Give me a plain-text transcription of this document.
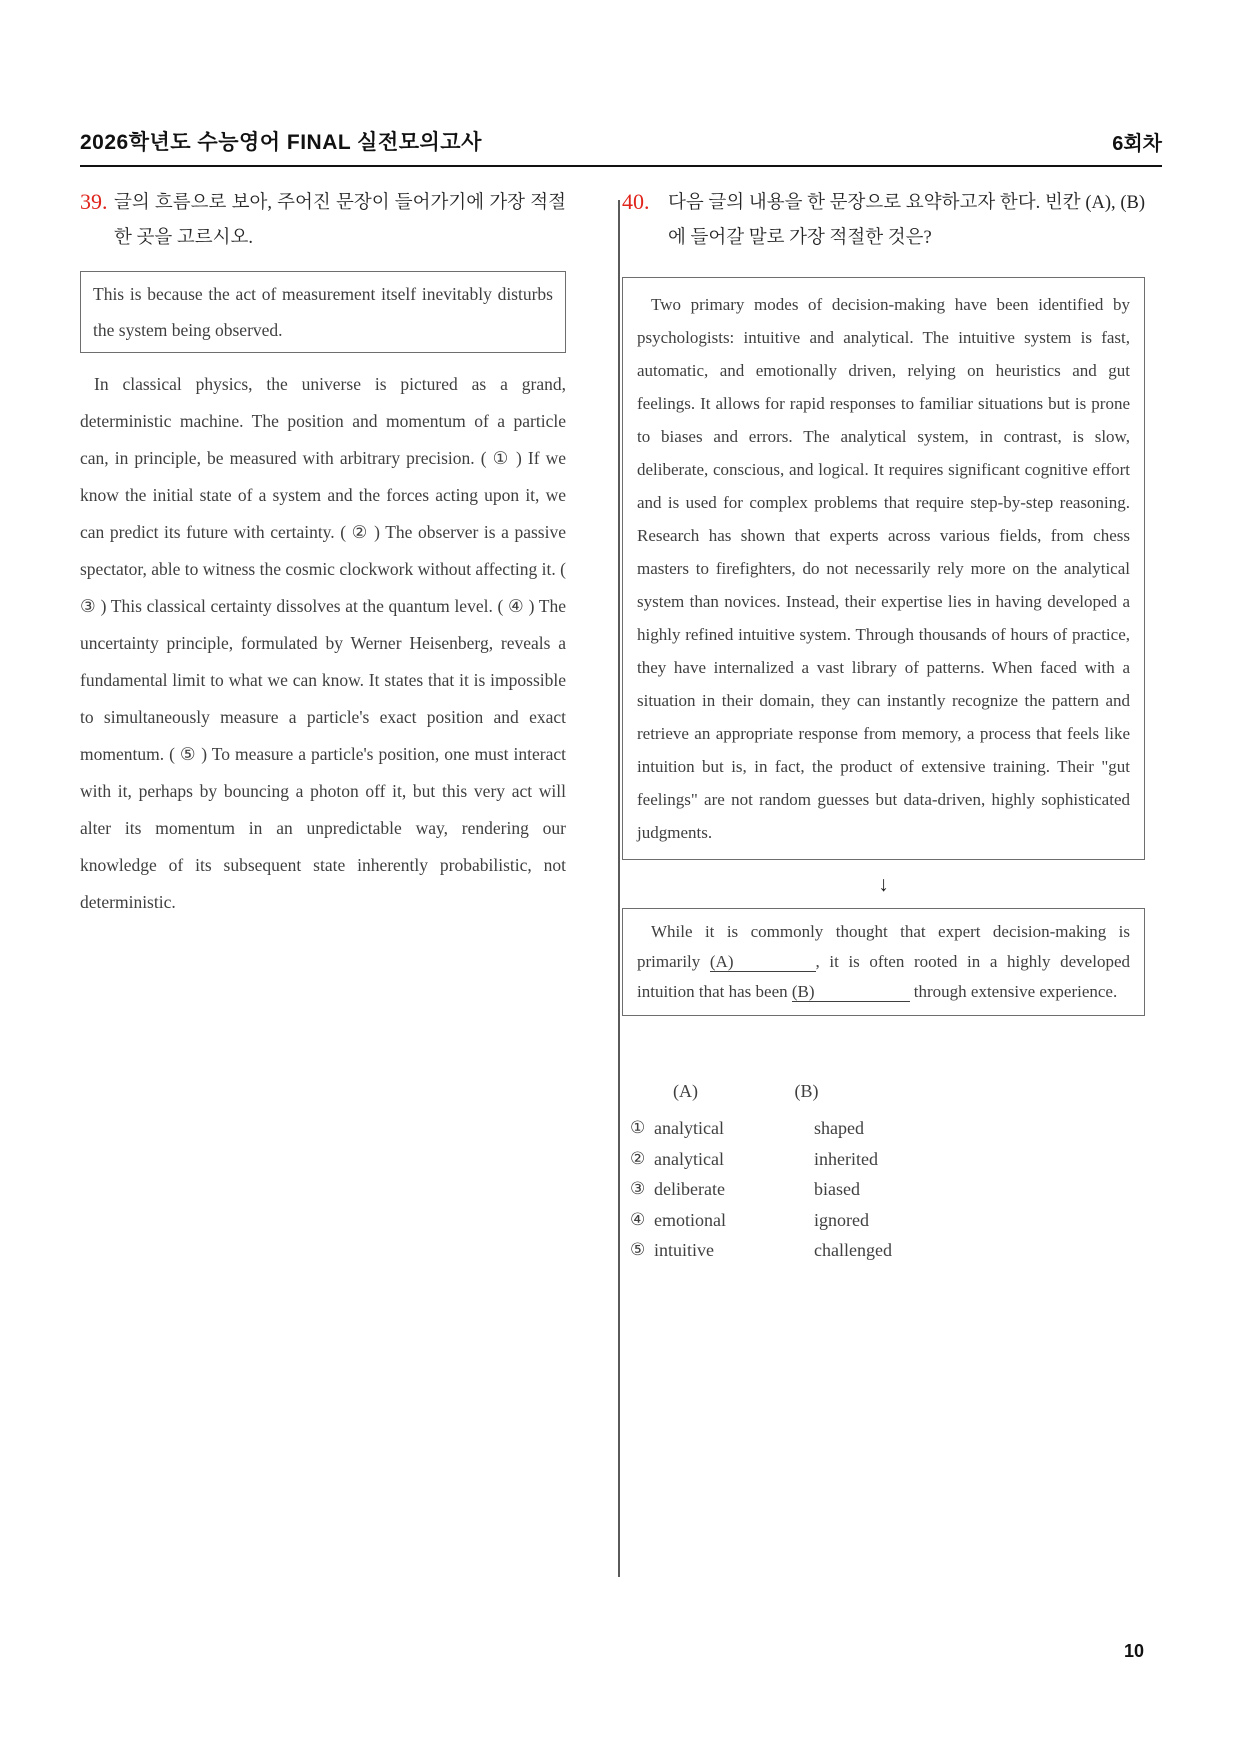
2026학년도 수능영어 FINAL 실전모의고사	6회차
39. 글의 흐름으로 보아, 주어진 문장이 들어가기에 가장 적절한 곳을 고르시오.
This is because the act of measurement itself inevitably disturbs the system being observed.
In classical physics, the universe is pictured as a grand, deterministic machine. The position and momentum of a particle can, in principle, be measured with arbitrary precision. ( ① ) If we know the initial state of a system and the forces acting upon it, we can predict its future with certainty. ( ② ) The observer is a passive spectator, able to witness the cosmic clockwork without affecting it. ( ③ ) This classical certainty dissolves at the quantum level. ( ④ ) The uncertainty principle, formulated by Werner Heisenberg, reveals a fundamental limit to what we can know. It states that it is impossible to simultaneously measure a particle's exact position and exact momentum. ( ⑤ ) To measure a particle's position, one must interact with it, perhaps by bouncing a photon off it, but this very act will alter its momentum in an unpredictable way, rendering our knowledge of its subsequent state inherently probabilistic, not deterministic.
40.	다음 글의 내용을 한 문장으로 요약하고자 한다. 빈칸 (A), (B)에 들어갈 말로 가장 적절한 것은?
Two primary modes of decision-making have been identified by psychologists: intuitive and analytical. The intuitive system is fast, automatic, and emotionally driven, relying on heuristics and gut feelings. It allows for rapid responses to familiar situations but is prone to biases and errors. The analytical system, in contrast, is slow, deliberate, conscious, and logical. It requires significant cognitive effort and is used for complex problems that require step-by-step reasoning. Research has shown that experts across various fields, from chess masters to firefighters, do not necessarily rely more on the analytical system than novices. Instead, their expertise lies in having developed a highly refined intuitive system. Through thousands of hours of practice, they have internalized a vast library of patterns. When faced with a situation in their domain, they can instantly recognize the pattern and retrieve an appropriate response from memory, a process that feels like intuition but is, in fact, the product of extensive training. Their "gut feelings" are not random guesses but data-driven, highly sophisticated judgments.
↓
While it is commonly thought that expert decision-making is primarily (A)	, it is often rooted in a highly developed intuition that has been (B)	through extensive experience.
(A)	(B)
① analytical	shaped
② analytical	inherited
③ deliberate	biased
④ emotional	ignored
⑤ intuitive	challenged
10
